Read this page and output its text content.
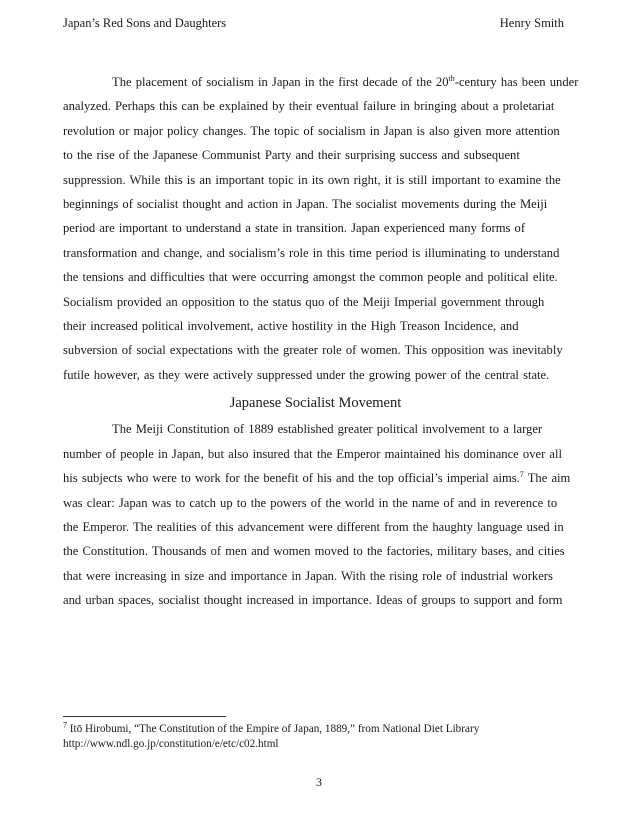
Japan’s Red Sons and Daughters	Henry Smith

The placement of socialism in Japan in the first decade of the 20th-century has been under
analyzed. Perhaps this can be explained by their eventual failure in bringing about a proletariat
revolution or major policy changes. The topic of socialism in Japan is also given more attention
to the rise of the Japanese Communist Party and their surprising success and subsequent
suppression. While this is an important topic in its own right, it is still important to examine the
beginnings of socialist thought and action in Japan. The socialist movements during the Meiji
period are important to understand a state in transition. Japan experienced many forms of
transformation and change, and socialism’s role in this time period is illuminating to understand
the tensions and difficulties that were occurring amongst the common people and political elite.
Socialism provided an opposition to the status quo of the Meiji Imperial government through
their increased political involvement, active hostility in the High Treason Incidence, and
subversion of social expectations with the greater role of women. This opposition was inevitably
futile however, as they were actively suppressed under the growing power of the central state.

Japanese Socialist Movement

The Meiji Constitution of 1889 established greater political involvement to a larger
number of people in Japan, but also insured that the Emperor maintained his dominance over all
his subjects who were to work for the benefit of his and the top official’s imperial aims.$^7$ The aim
was clear: Japan was to catch up to the powers of the world in the name of and in reverence to
the Emperor. The realities of this advancement were different from the haughty language used in
the Constitution. Thousands of men and women moved to the factories, military bases, and cities
that were increasing in size and importance in Japan. With the rising role of industrial workers
and urban spaces, socialist thought increased in importance. Ideas of groups to support and form

$^7$ Itō Hirobumi, “The Constitution of the Empire of Japan, 1889,” from National Diet Library
http://www.ndl.go.jp/constitution/e/etc/c02.html
3
